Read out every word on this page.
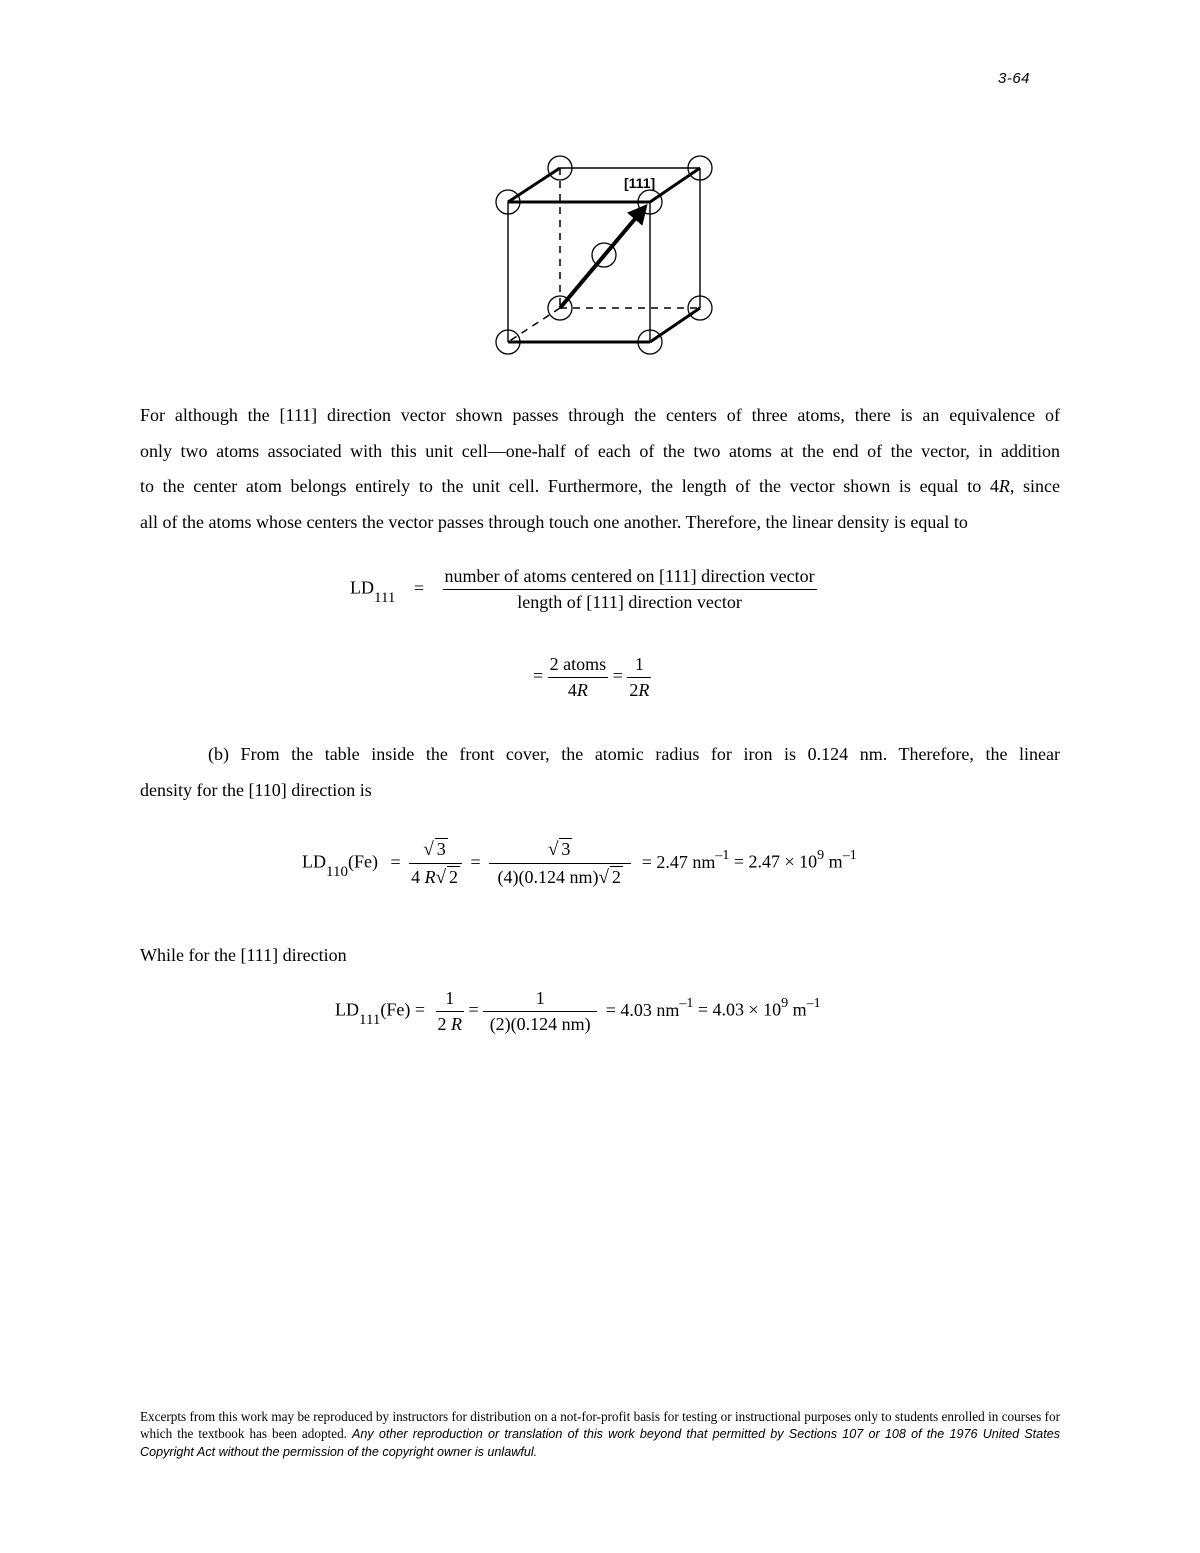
3-64
[111]
For although the [111] direction vector shown passes through the centers of three atoms, there is an equivalence of
only two atoms associated with this unit cell—one-half of each of the two atoms at the end of the vector, in addition
to the center atom belongs entirely to the unit cell. Furthermore, the length of the vector shown is equal to 4R, since
all of the atoms whose centers the vector passes through touch one another. Therefore, the linear density is equal to
$LD_{111} = \frac{\text{number of atoms centered on [111] direction vector}}{\text{length of [111] direction vector}}$
= $\frac{\text{2 atoms}}{4R} = \frac{1}{2R}$
(b) From the table inside the front cover, the atomic radius for iron is 0.124 nm. Therefore, the linear
density for the [110] direction is
$LD_{110}(Fe) = \frac{√ 3}{4 R√ 2} = \frac{√ 3}{(4)(0.124 nm)√ 2} = 2.47$ $nm^{-1} = 2.47 \times 10^9$ $m^{-1}$
While for the [111] direction
$LD_{111}(Fe) = \frac{1}{2 R} = \frac{1}{(2)(0.124 nm)} = 4.03$ $nm^{-1} = 4.03 \times 10^9$ $m^{-1}$
Excerpts from this work may be reproduced by instructors for distribution on a not-for-profit basis for testing or instructional purposes only to students enrolled in courses for which the textbook has been adopted. Any other reproduction or translation of this work beyond that permitted by Sections 107 or 108 of the 1976 United States Copyright Act without the permission of the copyright owner is unlawful.
